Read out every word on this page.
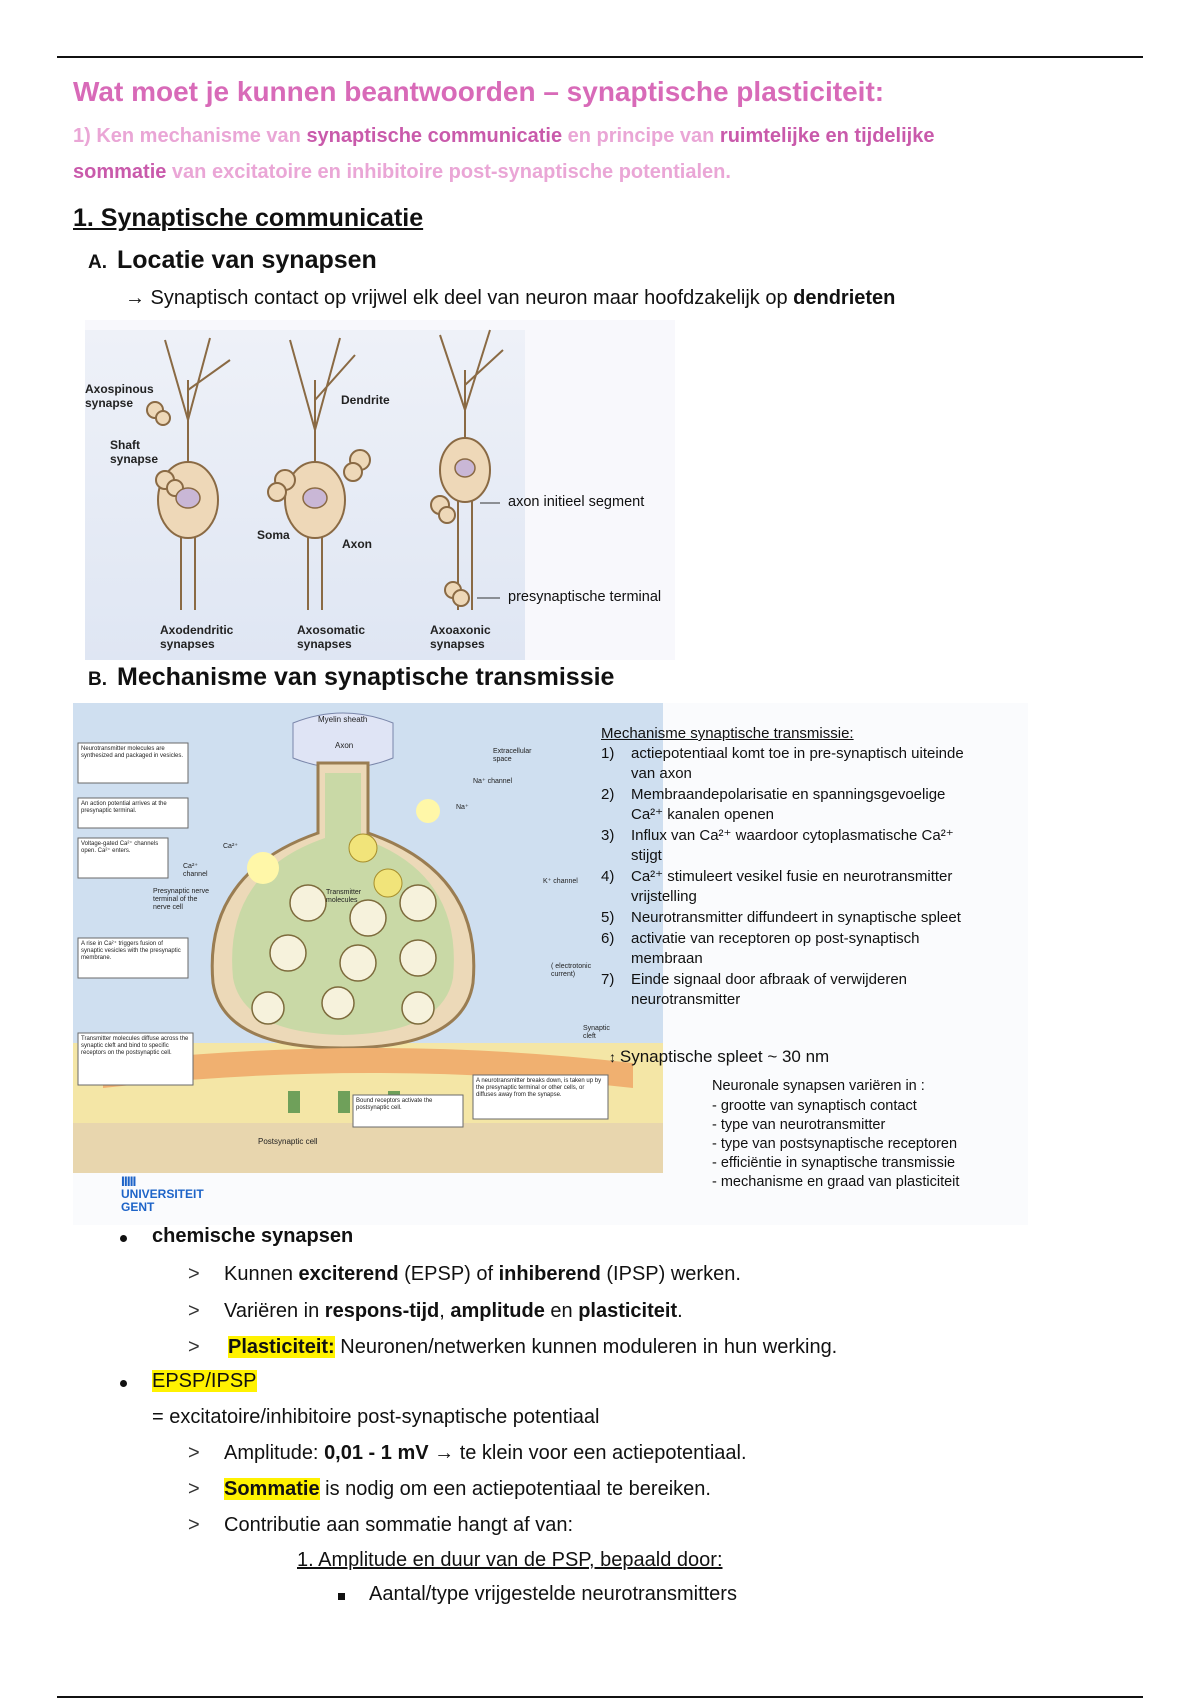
Wat moet je kunnen beantwoorden – synaptische plasticiteit:
1) Ken mechanisme van synaptische communicatie en principe van ruimtelijke en tijdelijke
sommatie van excitatoire en inhibitoire post-synaptische potentialen.
1. Synaptische communicatie
A. Locatie van synapsen
→ Synaptisch contact op vrijwel elk deel van neuron maar hoofdzakelijk op dendrieten
Axospinous synapse
Shaft synapse
Dendrite
Soma
Axon
Axodendritic synapses
Axosomatic synapses
Axoaxonic synapses
axon initieel segment
presynaptische terminal
B. Mechanisme van synaptische transmissie
Myelin sheath
Axon
Extracellular space
Na⁺ channel
Na⁺
Ca²⁺
K⁺ channel
Transmitter molecules
Presynaptic nerve terminal of the nerve cell
Ca²⁺ channel
Synaptic cleft
Postsynaptic cell
( electrotonic current)
Neurotransmitter molecules are synthesized and packaged in vesicles.
An action potential arrives at the presynaptic terminal.
Voltage-gated Ca²⁺ channels open. Ca²⁺ enters.
A rise in Ca²⁺ triggers fusion of synaptic vesicles with the presynaptic membrane.
Transmitter molecules diffuse across the synaptic cleft and bind to specific receptors on the postsynaptic cell.
Bound receptors activate the postsynaptic cell.
A neurotransmitter breaks down, is taken up by the presynaptic terminal or other cells, or diffuses away from the synapse.
ΙΙΙΙΙ
UNIVERSITEIT
GENT
Mechanisme synaptische transmissie:
1) actiepotentiaal komt toe in pre-synaptisch uiteinde
van axon
2) Membraandepolarisatie en spanningsgevoelige
Ca²⁺ kanalen openen
3) Influx van Ca²⁺ waardoor cytoplasmatische Ca²⁺
stijgt
4) Ca²⁺ stimuleert vesikel fusie en neurotransmitter
vrijstelling
5) Neurotransmitter diffundeert in synaptische spleet
6) activatie van receptoren op post-synaptisch
membraan
7) Einde signaal door afbraak of verwijderen
neurotransmitter
↕ Synaptische spleet ~ 30 nm
Neuronale synapsen variëren in :
- grootte van synaptisch contact
- type van neurotransmitter
- type van postsynaptische receptoren
- efficiëntie in synaptische transmissie
- mechanisme en graad van plasticiteit
chemische synapsen
> Kunnen exciterend (EPSP) of inhiberend (IPSP) werken.
> Variëren in respons-tijd, amplitude en plasticiteit.
> Plasticiteit: Neuronen/netwerken kunnen moduleren in hun werking.
EPSP/IPSP
= excitatoire/inhibitoire post-synaptische potentiaal
> Amplitude: 0,01 - 1 mV → te klein voor een actiepotentiaal.
> Sommatie is nodig om een actiepotentiaal te bereiken.
> Contributie aan sommatie hangt af van:
1. Amplitude en duur van de PSP, bepaald door:
Aantal/type vrijgestelde neurotransmitters
